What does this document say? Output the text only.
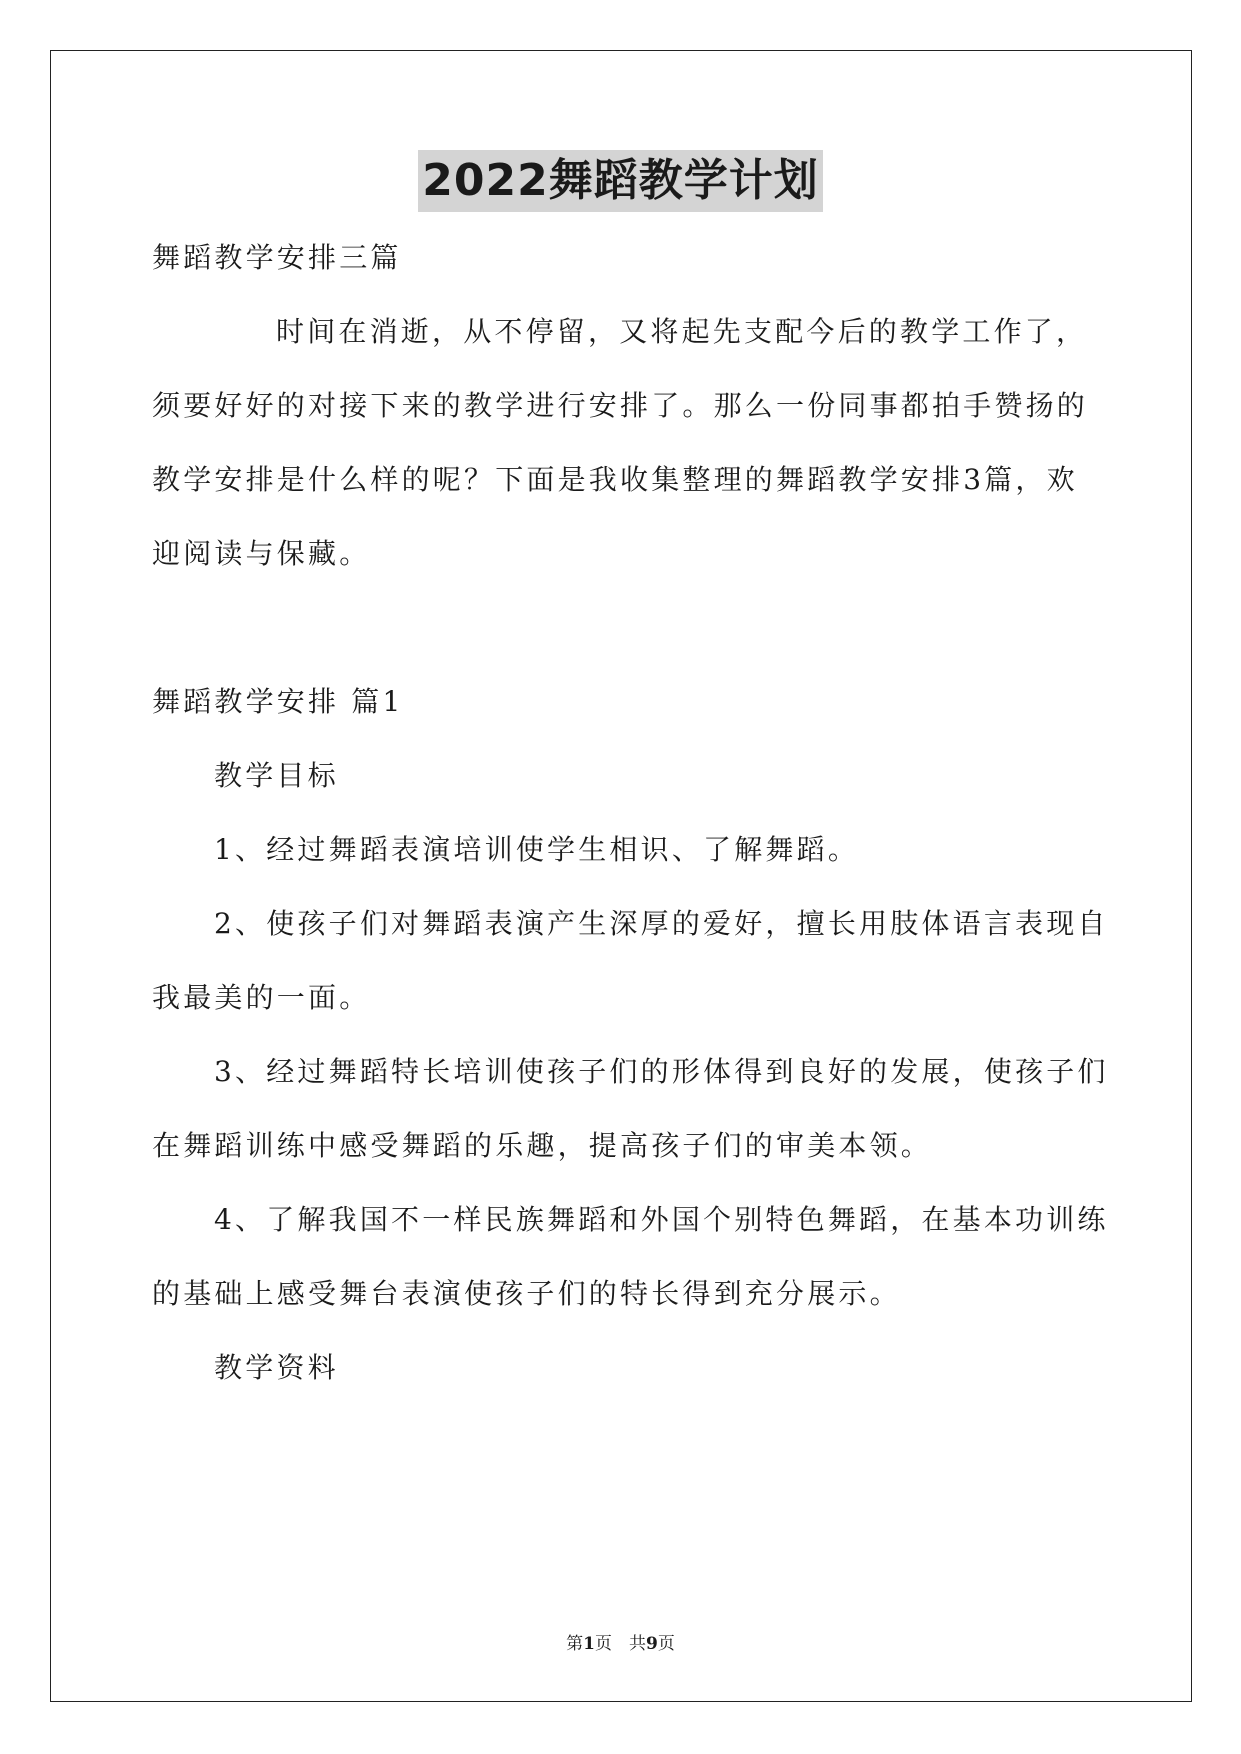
2022舞蹈教学计划
舞蹈教学安排三篇
时间在消逝，从不停留，又将起先支配今后的教学工作了，
须要好好的对接下来的教学进行安排了。那么一份同事都拍手赞扬的
教学安排是什么样的呢？下面是我收集整理的舞蹈教学安排3篇，欢
迎阅读与保藏。
舞蹈教学安排 篇1
教学目标
1、经过舞蹈表演培训使学生相识、了解舞蹈。
2、使孩子们对舞蹈表演产生深厚的爱好，擅长用肢体语言表现自
我最美的一面。
3、经过舞蹈特长培训使孩子们的形体得到良好的发展，使孩子们
在舞蹈训练中感受舞蹈的乐趣，提高孩子们的审美本领。
4、了解我国不一样民族舞蹈和外国个别特色舞蹈，在基本功训练
的基础上感受舞台表演使孩子们的特长得到充分展示。
教学资料
第1页　共9页
